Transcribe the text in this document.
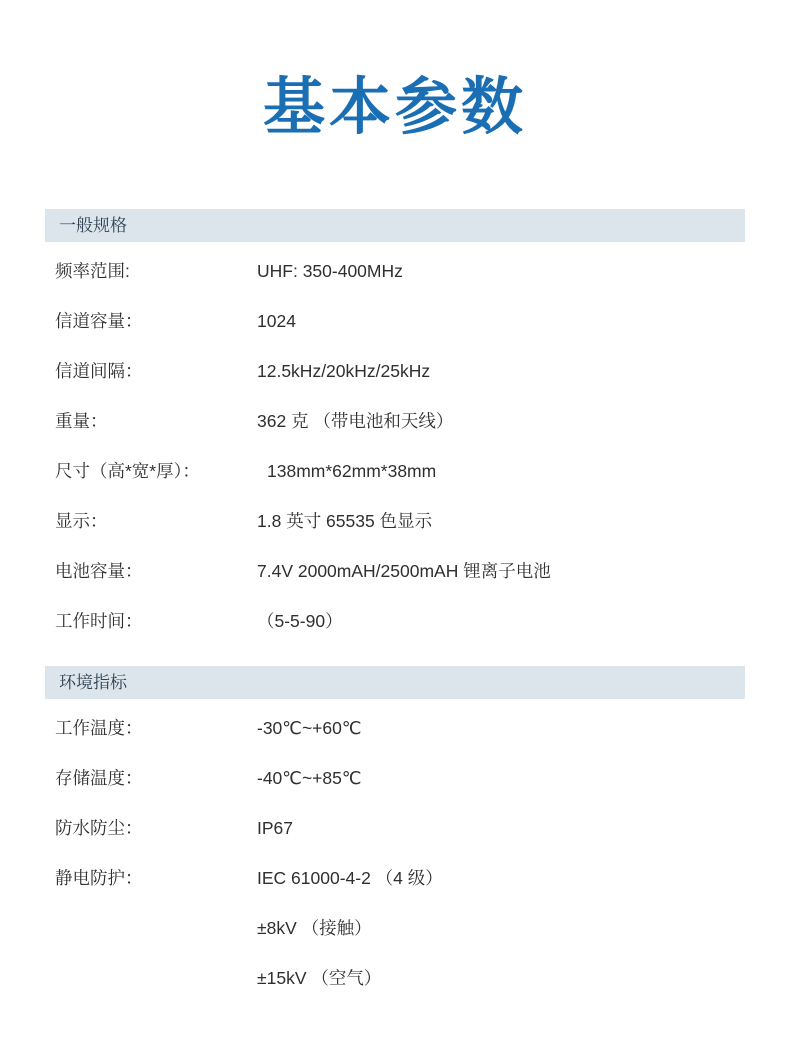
基本参数
一般规格
频率范围:	UHF: 350-400MHz
信道容量：	1024
信道间隔：	12.5kHz/20kHz/25kHz
重量：	362 克 （带电池和天线）
尺寸（高*宽*厚）：	138mm*62mm*38mm
显示：	1.8 英寸 65535 色显示
电池容量：	7.4V 2000mAH/2500mAH 锂离子电池
工作时间：	（5-5-90）
环境指标
工作温度：	-30℃~+60℃
存储温度：	-40℃~+85℃
防水防尘：	IP67
静电防护：	IEC 61000-4-2 （4 级）
±8kV （接触）
±15kV （空气）
